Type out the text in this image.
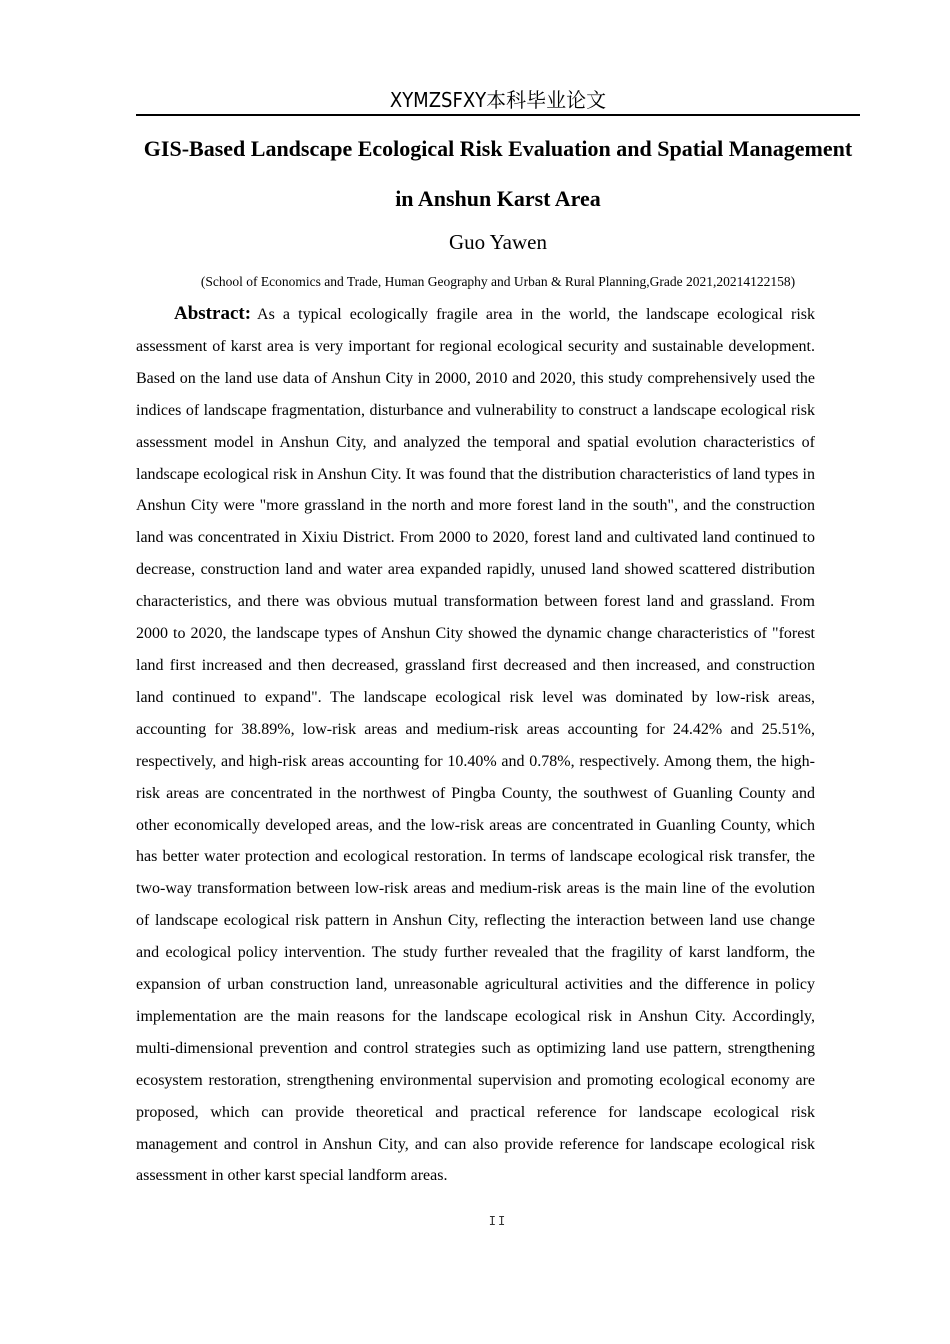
XYMZSFXY本科毕业论文
GIS-Based Landscape Ecological Risk Evaluation and Spatial Management in Anshun Karst Area
Guo Yawen
(School of Economics and Trade, Human Geography and Urban & Rural Planning,Grade 2021,20214122158)
Abstract: As a typical ecologically fragile area in the world, the landscape ecological risk assessment of karst area is very important for regional ecological security and sustainable development. Based on the land use data of Anshun City in 2000, 2010 and 2020, this study comprehensively used the indices of landscape fragmentation, disturbance and vulnerability to construct a landscape ecological risk assessment model in Anshun City, and analyzed the temporal and spatial evolution characteristics of landscape ecological risk in Anshun City. It was found that the distribution characteristics of land types in Anshun City were "more grassland in the north and more forest land in the south", and the construction land was concentrated in Xixiu District. From 2000 to 2020, forest land and cultivated land continued to decrease, construction land and water area expanded rapidly, unused land showed scattered distribution characteristics, and there was obvious mutual transformation between forest land and grassland. From 2000 to 2020, the landscape types of Anshun City showed the dynamic change characteristics of "forest land first increased and then decreased, grassland first decreased and then increased, and construction land continued to expand". The landscape ecological risk level was dominated by low-risk areas, accounting for 38.89%, low-risk areas and medium-risk areas accounting for 24.42% and 25.51%, respectively, and high-risk areas accounting for 10.40% and 0.78%, respectively. Among them, the high-risk areas are concentrated in the northwest of Pingba County, the southwest of Guanling County and other economically developed areas, and the low-risk areas are concentrated in Guanling County, which has better water protection and ecological restoration. In terms of landscape ecological risk transfer, the two-way transformation between low-risk areas and medium-risk areas is the main line of the evolution of landscape ecological risk pattern in Anshun City, reflecting the interaction between land use change and ecological policy intervention. The study further revealed that the fragility of karst landform, the expansion of urban construction land, unreasonable agricultural activities and the difference in policy implementation are the main reasons for the landscape ecological risk in Anshun City. Accordingly, multi-dimensional prevention and control strategies such as optimizing land use pattern, strengthening ecosystem restoration, strengthening environmental supervision and promoting ecological economy are proposed, which can provide theoretical and practical reference for landscape ecological risk management and control in Anshun City, and can also provide reference for landscape ecological risk assessment in other karst special landform areas.
II
